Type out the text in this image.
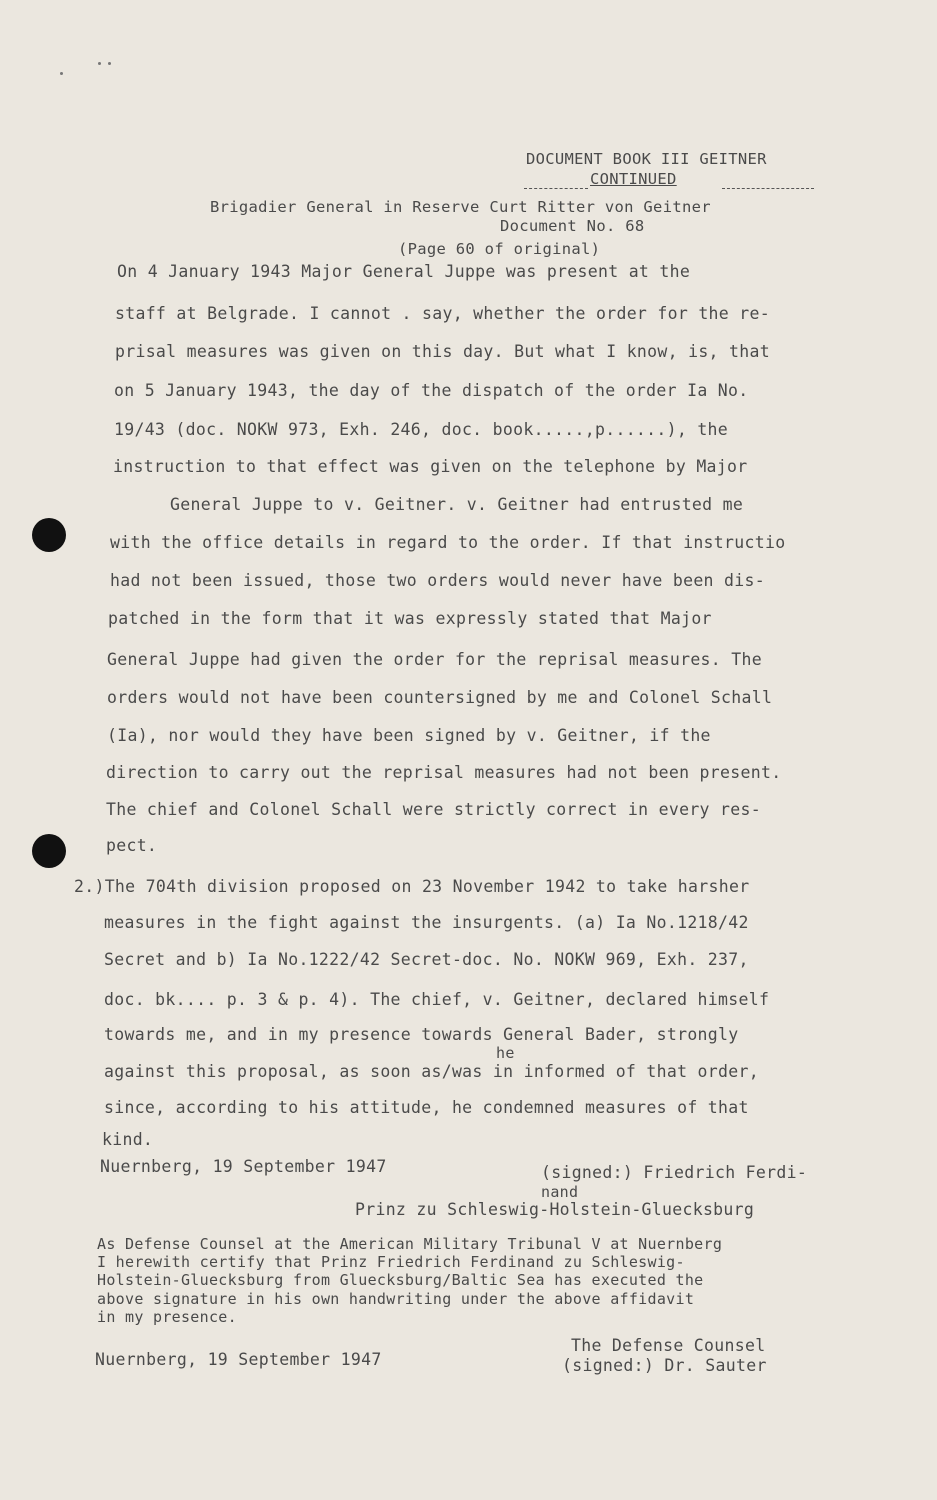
DOCUMENT BOOK III GEITNER
CONTINUED
Brigadier General in Reserve Curt Ritter von Geitner
Document No. 68
(Page 60 of original)
On 4 January 1943 Major General Juppe was present at the
staff at Belgrade. I cannot . say, whether the order for the re-
prisal measures was given on this day. But what I know, is, that
on 5 January 1943, the day of the dispatch of the order Ia No.
19/43 (doc. NOKW 973, Exh. 246, doc. book.....,p......), the
instruction to that effect was given on the telephone by Major
General Juppe to v. Geitner. v. Geitner had entrusted me
with the office details in regard to the order. If that instructio
had not been issued, those two orders would never have been dis-
patched in the form that it was expressly stated that Major
General Juppe had given the order for the reprisal measures. The
orders would not have been countersigned by me and Colonel Schall
(Ia), nor would they have been signed by v. Geitner, if the
direction to carry out the reprisal measures had not been present.
The chief and Colonel Schall were strictly correct in every res-
pect.
2.)The 704th division proposed on 23 November 1942 to take harsher
measures in the fight against the insurgents. (a) Ia No.1218/42
Secret and b) Ia No.1222/42 Secret-doc. No. NOKW 969, Exh. 237,
doc. bk.... p. 3 & p. 4). The chief, v. Geitner, declared himself
towards me, and in my presence towards General Bader, strongly
he
against this proposal, as soon as/was in informed of that order,
since, according to his attitude, he condemned measures of that
kind.
Nuernberg, 19 September 1947	(signed:) Friedrich Ferdi-
nand
Prinz zu Schleswig-Holstein-Gluecksburg
As Defense Counsel at the American Military Tribunal V at Nuernberg
I herewith certify that Prinz Friedrich Ferdinand zu Schleswig-
Holstein-Gluecksburg from Gluecksburg/Baltic Sea has executed the
above signature in his own handwriting under the above affidavit
in my presence.
Nuernberg, 19 September 1947
The Defense Counsel
(signed:) Dr. Sauter
